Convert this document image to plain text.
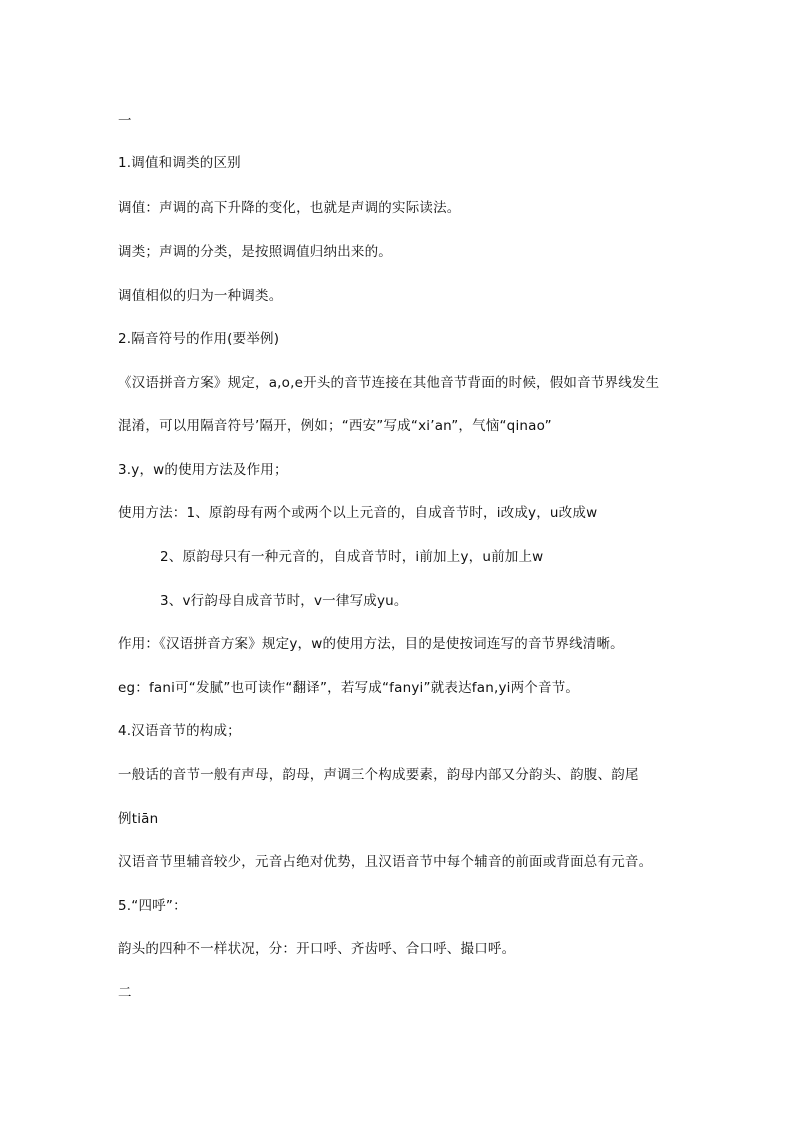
一
1.调值和调类的区别
调值：声调的高下升降的变化，也就是声调的实际读法。
调类；声调的分类，是按照调值归纳出来的。
调值相似的归为一种调类。
2.隔音符号的作用(要举例)
《汉语拼音方案》规定，a,o,e开头的音节连接在其他音节背面的时候，假如音节界线发生
混淆，可以用隔音符号’隔开，例如；“西安”写成“xi’an”，气恼“qinao”
3.y，w的使用方法及作用；
使用方法：1、原韵母有两个或两个以上元音的，自成音节时，i改成y，u改成w
2、原韵母只有一种元音的，自成音节时，i前加上y，u前加上w
3、v行韵母自成音节时，v一律写成yu。
作用：《汉语拼音方案》规定y，w的使用方法，目的是使按词连写的音节界线清晰。
eg：fani可“发腻”也可读作“翻译”，若写成“fanyi”就表达fan,yi两个音节。
4.汉语音节的构成；
一般话的音节一般有声母，韵母，声调三个构成要素，韵母内部又分韵头、韵腹、韵尾
例tiān
汉语音节里辅音较少，元音占绝对优势，且汉语音节中每个辅音的前面或背面总有元音。
5.“四呼”：
韵头的四种不一样状况，分：开口呼、齐齿呼、合口呼、撮口呼。
二
